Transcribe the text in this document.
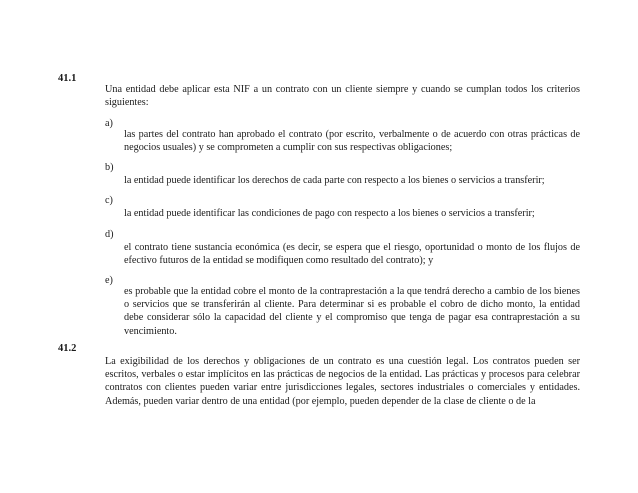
41.1

Una entidad debe aplicar esta NIF a un contrato con un cliente siempre y cuando se cumplan todos los criterios siguientes:

a)

las partes del contrato han aprobado el contrato (por escrito, verbalmente o de acuerdo con otras prácticas de negocios usuales) y se comprometen a cumplir con sus respectivas obligaciones;

b)

la entidad puede identificar los derechos de cada parte con respecto a los bienes o servicios a transferir;

c)

la entidad puede identificar las condiciones de pago con respecto a los bienes o servicios a transferir;

d)

el contrato tiene sustancia económica (es decir, se espera que el riesgo, oportunidad o monto de los flujos de efectivo futuros de la entidad se modifiquen como resultado del contrato); y

e)

es probable que la entidad cobre el monto de la contraprestación a la que tendrá derecho a cambio de los bienes o servicios que se transferirán al cliente. Para determinar si es probable el cobro de dicho monto, la entidad debe considerar sólo la capacidad del cliente y el compromiso que tenga de pagar esa contraprestación a su vencimiento.

41.2

La exigibilidad de los derechos y obligaciones de un contrato es una cuestión legal. Los contratos pueden ser escritos, verbales o estar implícitos en las prácticas de negocios de la entidad. Las prácticas y procesos para celebrar contratos con clientes pueden variar entre jurisdicciones legales, sectores industriales o comerciales y entidades. Además, pueden variar dentro de una entidad (por ejemplo, pueden depender de la clase de cliente o de la
